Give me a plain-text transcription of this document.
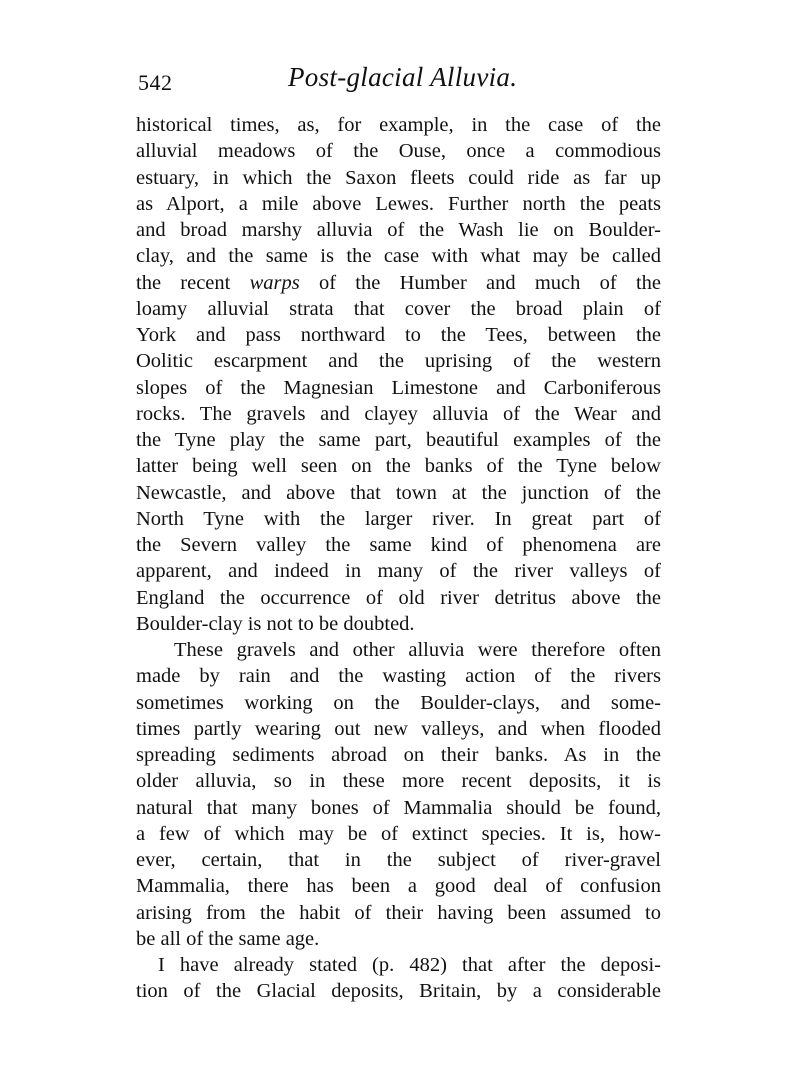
542	Post-glacial Alluvia.
historical times, as, for example, in the case of the
alluvial meadows of the Ouse, once a commodious
estuary, in which the Saxon fleets could ride as far up
as Alport, a mile above Lewes. Further north the peats
and broad marshy alluvia of the Wash lie on Boulder-
clay, and the same is the case with what may be called
the recent warps of the Humber and much of the
loamy alluvial strata that cover the broad plain of
York and pass northward to the Tees, between the
Oolitic escarpment and the uprising of the western
slopes of the Magnesian Limestone and Carboniferous
rocks. The gravels and clayey alluvia of the Wear and
the Tyne play the same part, beautiful examples of the
latter being well seen on the banks of the Tyne below
Newcastle, and above that town at the junction of the
North Tyne with the larger river. In great part of
the Severn valley the same kind of phenomena are
apparent, and indeed in many of the river valleys of
England the occurrence of old river detritus above the
Boulder-clay is not to be doubted.
These gravels and other alluvia were therefore often
made by rain and the wasting action of the rivers
sometimes working on the Boulder-clays, and some-
times partly wearing out new valleys, and when flooded
spreading sediments abroad on their banks. As in the
older alluvia, so in these more recent deposits, it is
natural that many bones of Mammalia should be found,
a few of which may be of extinct species. It is, how-
ever, certain, that in the subject of river-gravel
Mammalia, there has been a good deal of confusion
arising from the habit of their having been assumed to
be all of the same age.
I have already stated (p. 482) that after the deposi-
tion of the Glacial deposits, Britain, by a considerable
